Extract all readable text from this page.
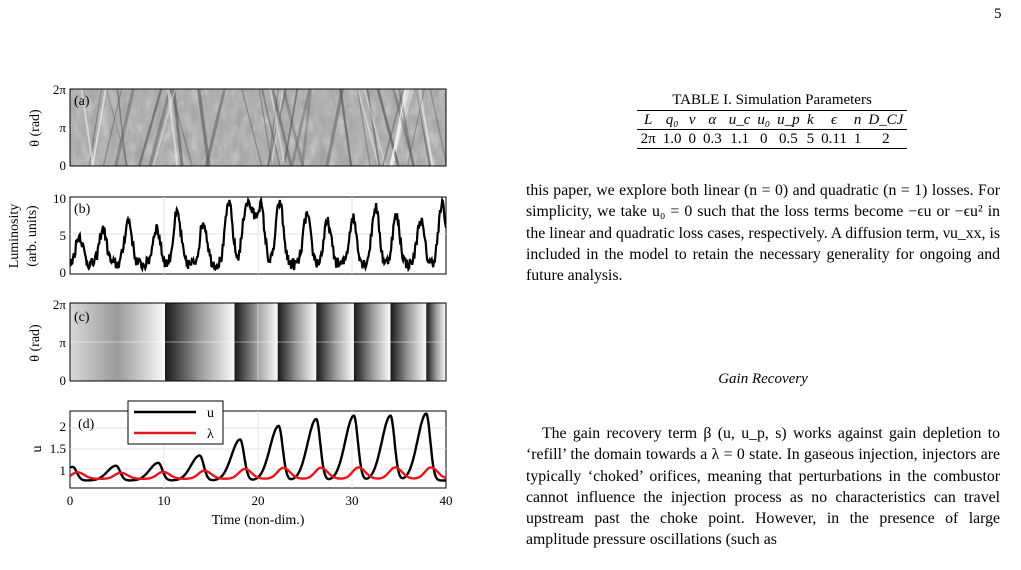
5
(a)
(b)
(c)
(d)
u
λ
2π
π
0
10
5
0
2π
π
0
2
1.5
1
θ (rad)
Luminosity (arb. units)
θ (rad)
u
0	10	20	30	40
Time (non-dim.)
TABLE I. Simulation Parameters
L	q₀	ν	α	u_c	u₀	u_p	k	ϵ	n	D_CJ
2π	1.0	0	0.3	1.1	0	0.5	5	0.11	1	2
this paper, we explore both linear (n = 0) and quadratic (n = 1) losses. For simplicity, we take u₀ = 0 such that the loss terms become −ϵu or −ϵu² in the linear and quadratic loss cases, respectively. A diffusion term, νu_xx, is included in the model to retain the necessary generality for ongoing and future analysis.
Gain Recovery
The gain recovery term β (u, u_p, s) works against gain depletion to ‘refill’ the domain towards a λ = 0 state. In gaseous injection, injectors are typically ‘choked’ orifices, meaning that perturbations in the combustor cannot influence the injection process as no characteristics can travel upstream past the choke point. However, in the presence of large amplitude pressure oscillations (such as
